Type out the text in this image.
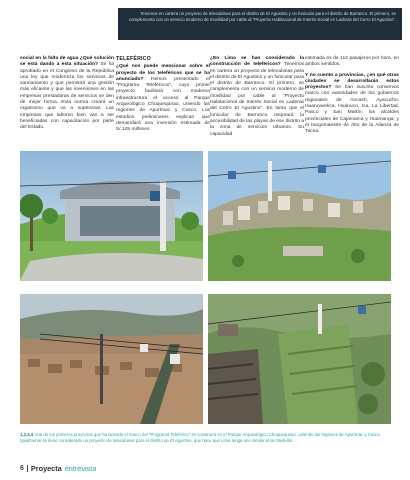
Tenemos en cartera un proyecto de telecabinas para el distrito de El Agustino y un funicular para el distrito de Barranco. El primero, se complementa con un servicio moderno de movilidad por cable al “Proyecto Habitacional de Interés Social en Laderas del Cerro El Agustino”.

social en la falta de agua ¿Qué solución se está dando a esta situación? Se ha aprobado en el Congreso de la República una ley que moderniza los servicios de saneamiento y que permitirá una gestión más eficiente y que las inversiones en las empresas prestadoras de servicios se den de mejor forma. Esta norma creará un organismo que va a supervisar. Las empresas que laboren bien van a ser beneficiadas con capacitación por parte del Estado.

TELEFÉRICO

¿Qué nos puede mencionar sobre el proyecto de los teleféricos que se ha anunciado? Hemos presentado el “Programa Teleféricos”, cuyo primer proyecto facilitará con moderna infraestructura el acceso al Parque Arqueológico Choquequirao, uniendo las regiones de Apurímac y Cusco. Los estudios preliminares explican que demandará una inversión estimada de S/.125 millones.

¿En Lima se han considerado la construcción de teleféricos? Tenemos en cartera un proyecto de telecabinas para el distrito de El Agustino y un funicular para el distrito de Barranco. El primero, se complementa con un servicio moderno de movilidad por cable al “Proyecto Habitacional de Interés Social en Laderas del Cerro El Agustino”. En tanto que el funicular de Barranco mejorará la accesibilidad de las playas de ese distrito a la zona de servicios urbanos. Su capacidad

estimada es de 112 pasajeros por hora, en ambos sentidos.

Y no cuento a provincias, ¿en qué otras ciudades se desarrollarán estos proyectos? Se han suscrito convenios marco con autoridades de los gobiernos regionales de Áncash, Ayacucho, Huancavelica, Huánuco, Ica, La Libertad, Pasco y San Martín; los alcaldes provinciales de Cajamarca y Huamanga; y el burgomaestre de Alto de la Alianza de Tacna.

1,2,3,4 Una de los primeros proyectos que ha lanzado el marco del “Programa Teleférico” se construirá en el Parque Arqueológico Choquequirao, uniendo las regiones de Apurímac y Cusco. Igualmente se tiene considerado un proyecto de telecabinas para el distrito de El Agustino, que hace que Lima tenga uno similar al de Medellín.
6 Proyecta entrevista
